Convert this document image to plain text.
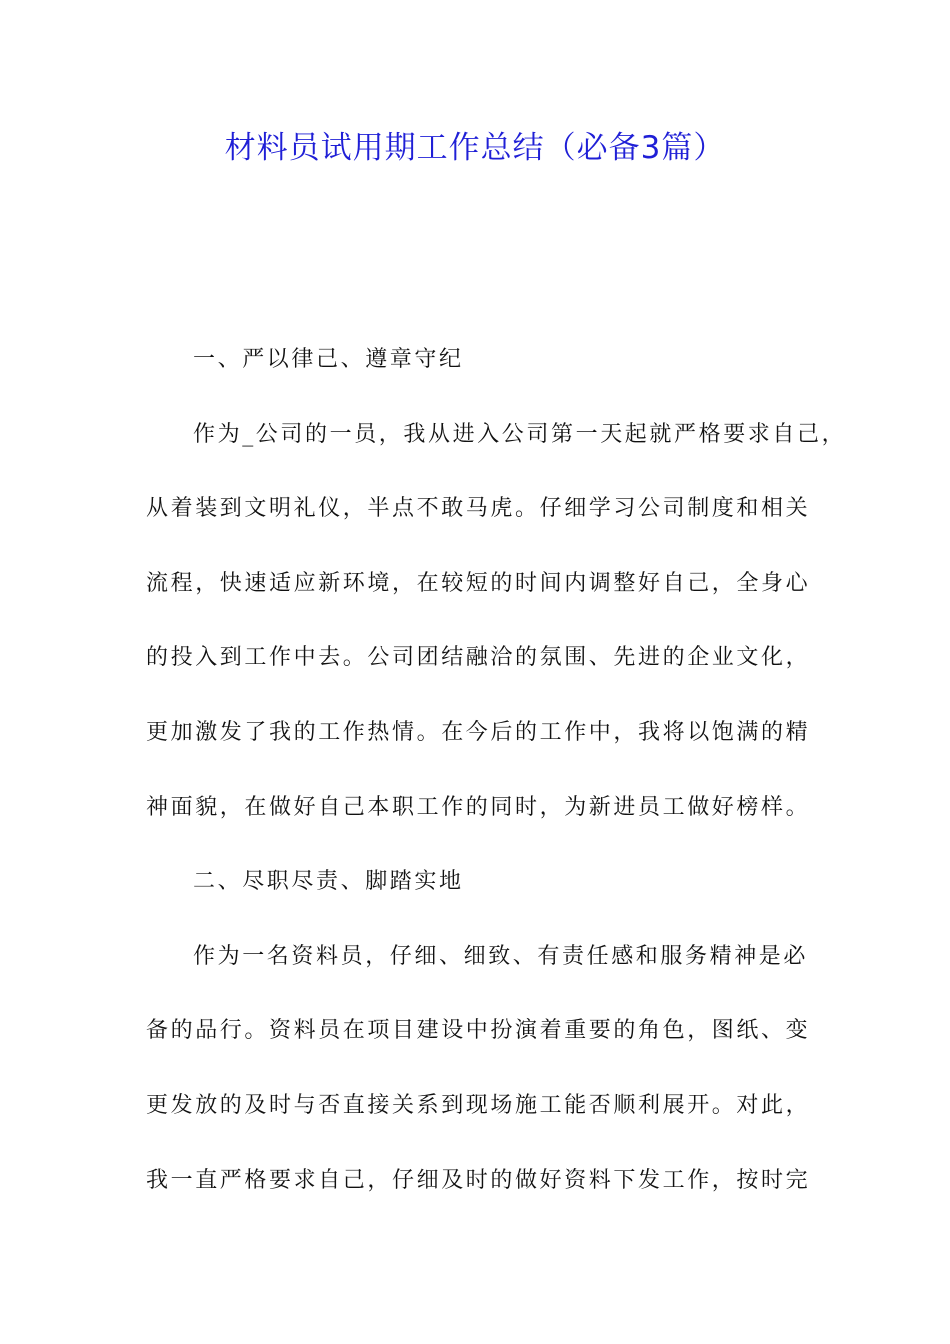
材料员试用期工作总结（必备3篇）
一、严以律己、遵章守纪
作为_公司的一员，我从进入公司第一天起就严格要求自己，
从着装到文明礼仪，半点不敢马虎。仔细学习公司制度和相关
流程，快速适应新环境，在较短的时间内调整好自己，全身心
的投入到工作中去。公司团结融洽的氛围、先进的企业文化，
更加激发了我的工作热情。在今后的工作中，我将以饱满的精
神面貌，在做好自己本职工作的同时，为新进员工做好榜样。
二、尽职尽责、脚踏实地
作为一名资料员，仔细、细致、有责任感和服务精神是必
备的品行。资料员在项目建设中扮演着重要的角色，图纸、变
更发放的及时与否直接关系到现场施工能否顺利展开。对此，
我一直严格要求自己，仔细及时的做好资料下发工作，按时完
